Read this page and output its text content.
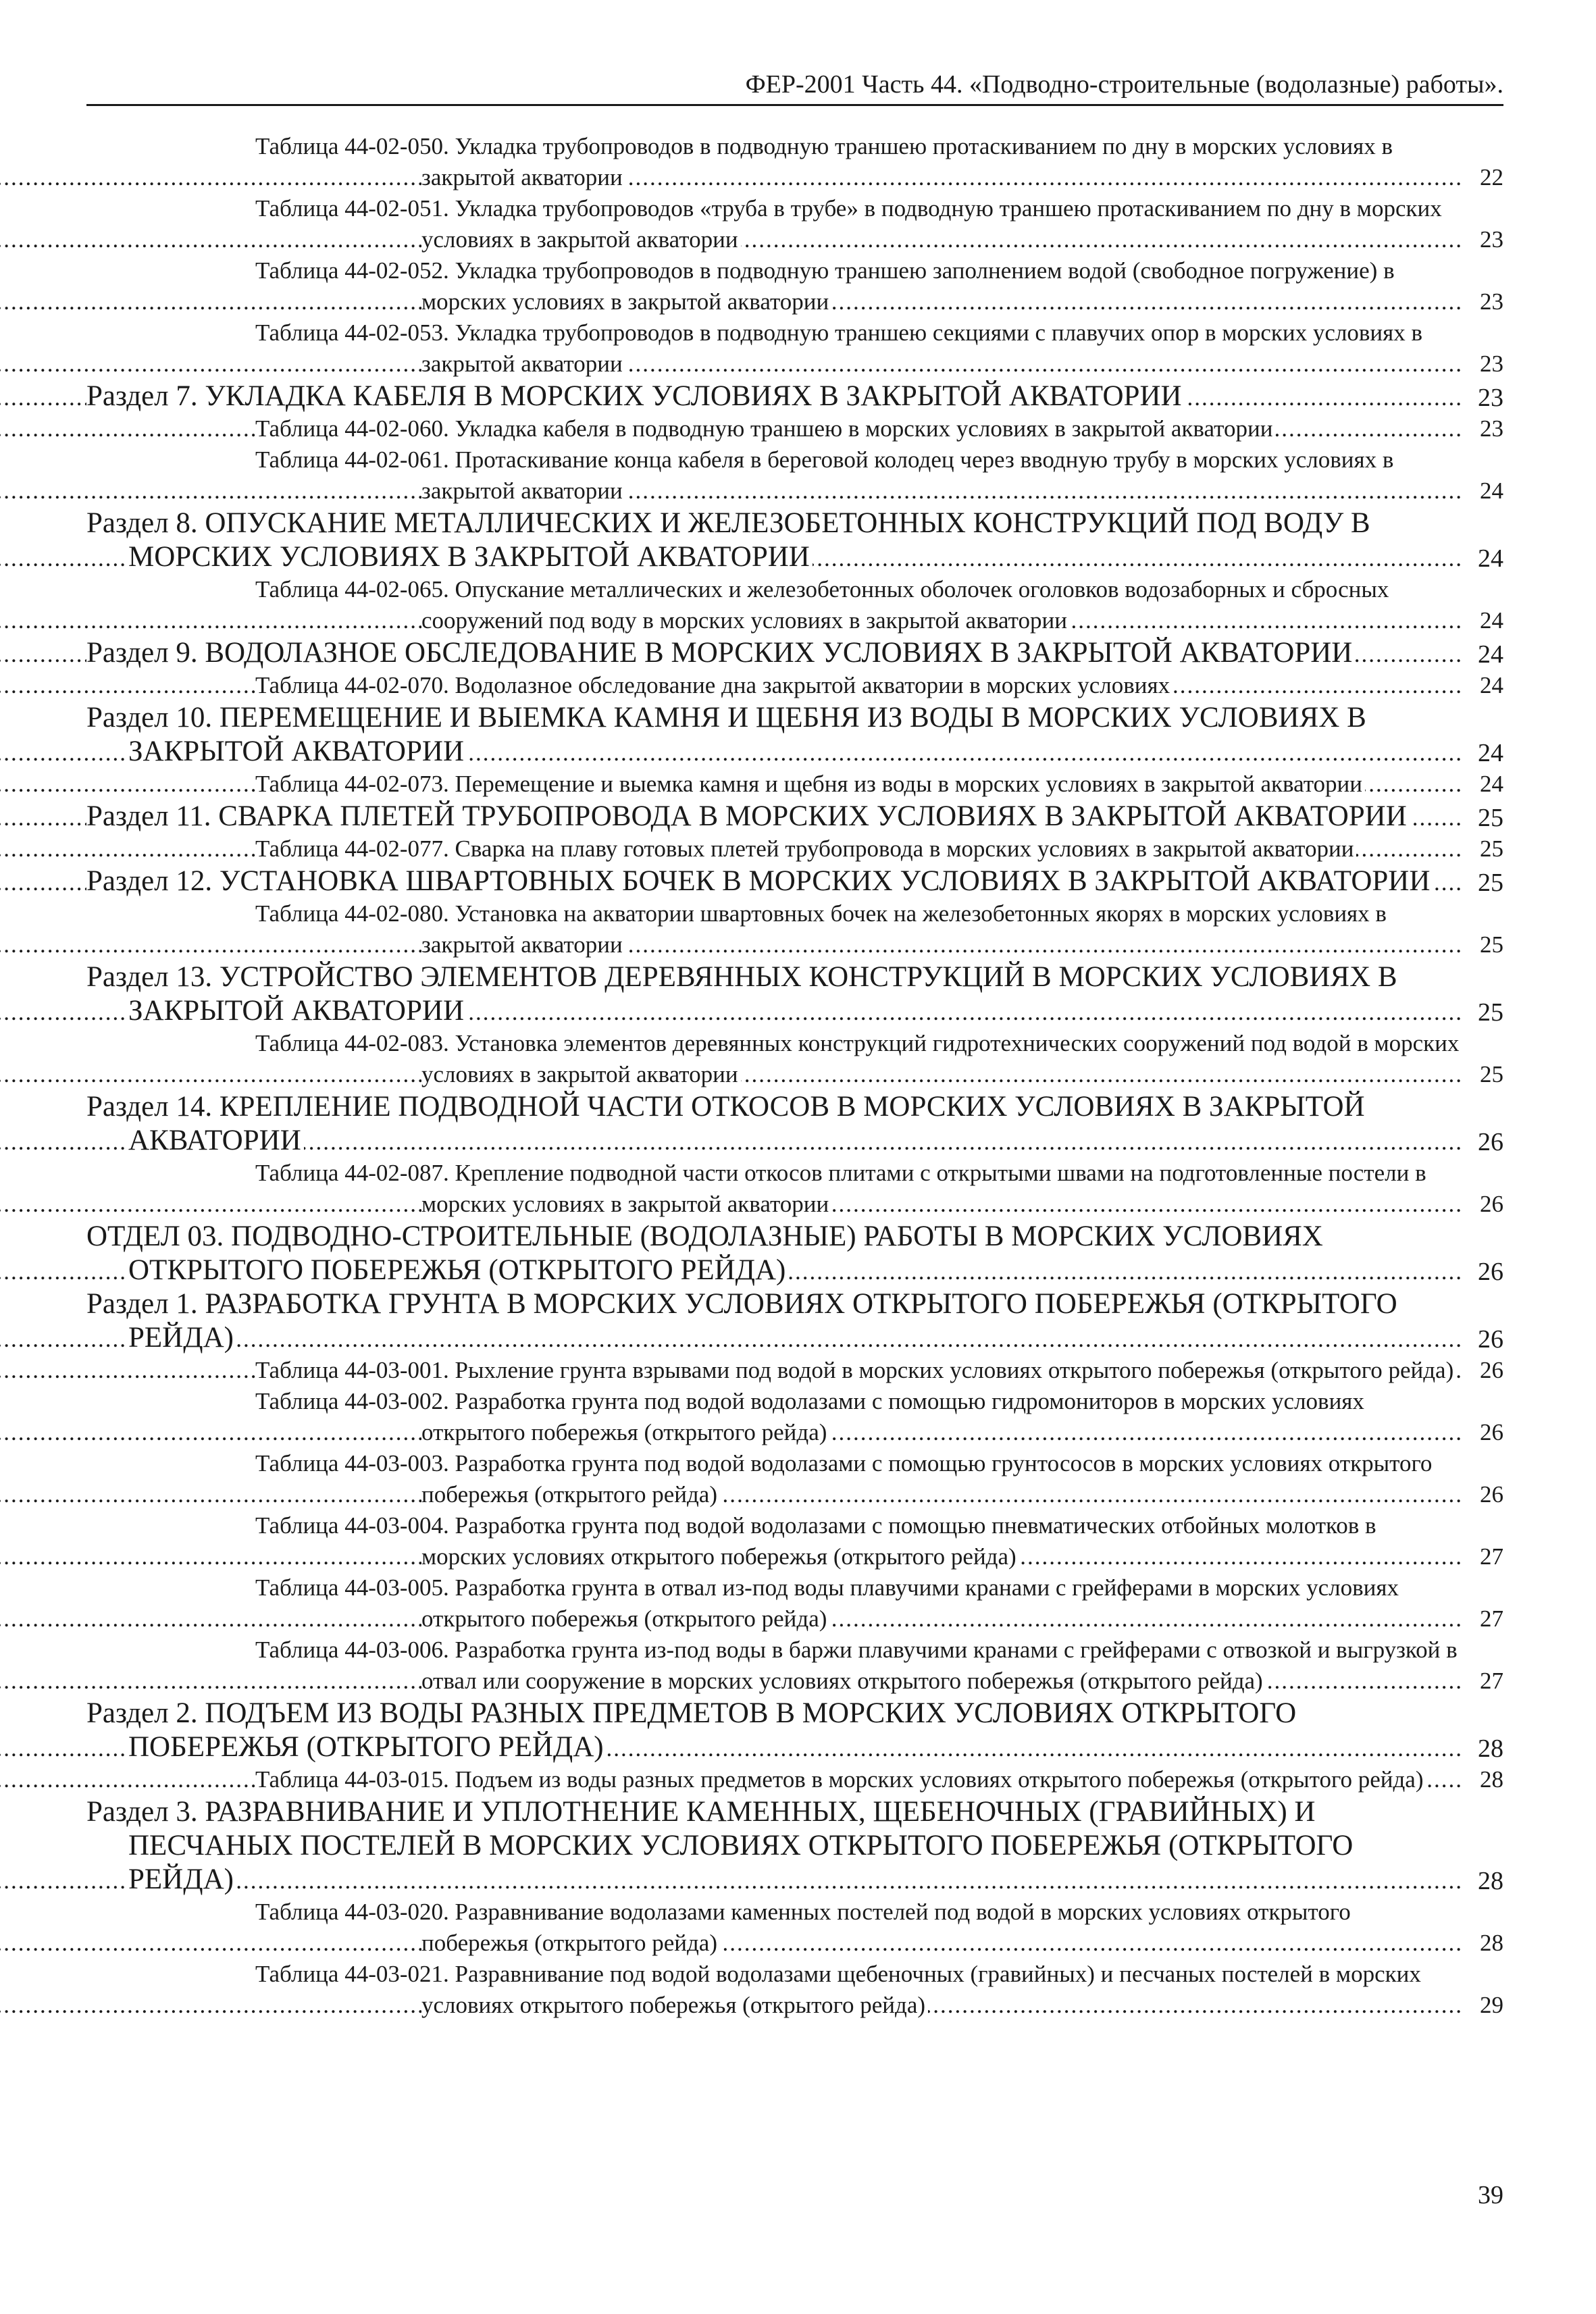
ФЕР-2001 Часть 44. «Подводно-строительные (водолазные) работы».
Таблица 44-02-050. Укладка трубопроводов в подводную траншею протаскиванием по дну в морских условиях в закрытой акватории .....	22
Таблица 44-02-051. Укладка трубопроводов «труба в трубе» в подводную траншею протаскиванием по дну в морских условиях в закрытой акватории .....	23
Таблица 44-02-052. Укладка трубопроводов в подводную траншею заполнением водой (свободное погружение) в морских условиях в закрытой акватории .....	23
Таблица 44-02-053. Укладка трубопроводов в подводную траншею секциями с плавучих опор в морских условиях в закрытой акватории .....	23
Раздел 7. УКЛАДКА КАБЕЛЯ В МОРСКИХ УСЛОВИЯХ В ЗАКРЫТОЙ АКВАТОРИИ .....	23
Таблица 44-02-060. Укладка кабеля в подводную траншею в морских условиях в закрытой акватории .....	23
Таблица 44-02-061. Протаскивание конца кабеля в береговой колодец через вводную трубу в морских условиях в закрытой акватории .....	24
Раздел 8. ОПУСКАНИЕ МЕТАЛЛИЧЕСКИХ И ЖЕЛЕЗОБЕТОННЫХ КОНСТРУКЦИЙ ПОД ВОДУ В МОРСКИХ УСЛОВИЯХ В ЗАКРЫТОЙ АКВАТОРИИ .....	24
Таблица 44-02-065. Опускание металлических и железобетонных оболочек оголовков водозаборных и сбросных сооружений под воду в морских условиях в закрытой акватории .....	24
Раздел 9. ВОДОЛАЗНОЕ ОБСЛЕДОВАНИЕ В МОРСКИХ УСЛОВИЯХ В ЗАКРЫТОЙ АКВАТОРИИ .....	24
Таблица 44-02-070. Водолазное обследование дна закрытой акватории в морских условиях .....	24
Раздел 10. ПЕРЕМЕЩЕНИЕ И ВЫЕМКА КАМНЯ И ЩЕБНЯ ИЗ ВОДЫ В МОРСКИХ УСЛОВИЯХ В ЗАКРЫТОЙ АКВАТОРИИ .....	24
Таблица 44-02-073. Перемещение и выемка камня и щебня из воды в морских условиях в закрытой акватории .....	24
Раздел 11. СВАРКА ПЛЕТЕЙ ТРУБОПРОВОДА В МОРСКИХ УСЛОВИЯХ В ЗАКРЫТОЙ АКВАТОРИИ .....	25
Таблица 44-02-077. Сварка на плаву готовых плетей трубопровода в морских условиях в закрытой акватории .....	25
Раздел 12. УСТАНОВКА ШВАРТОВНЫХ БОЧЕК В МОРСКИХ УСЛОВИЯХ В ЗАКРЫТОЙ АКВАТОРИИ .....	25
Таблица 44-02-080. Установка на акватории швартовных бочек на железобетонных якорях в морских условиях в закрытой акватории .....	25
Раздел 13. УСТРОЙСТВО ЭЛЕМЕНТОВ ДЕРЕВЯННЫХ КОНСТРУКЦИЙ В МОРСКИХ УСЛОВИЯХ В ЗАКРЫТОЙ АКВАТОРИИ .....	25
Таблица 44-02-083. Установка элементов деревянных конструкций гидротехнических сооружений под водой в морских условиях в закрытой акватории .....	25
Раздел 14. КРЕПЛЕНИЕ ПОДВОДНОЙ ЧАСТИ ОТКОСОВ В МОРСКИХ УСЛОВИЯХ В ЗАКРЫТОЙ АКВАТОРИИ .....	26
Таблица 44-02-087. Крепление подводной части откосов плитами с открытыми швами на подготовленные постели в морских условиях в закрытой акватории .....	26
ОТДЕЛ 03. ПОДВОДНО-СТРОИТЕЛЬНЫЕ (ВОДОЛАЗНЫЕ) РАБОТЫ В МОРСКИХ УСЛОВИЯХ ОТКРЫТОГО ПОБЕРЕЖЬЯ (ОТКРЫТОГО РЕЙДА) .....	26
Раздел 1. РАЗРАБОТКА ГРУНТА В МОРСКИХ УСЛОВИЯХ ОТКРЫТОГО ПОБЕРЕЖЬЯ (ОТКРЫТОГО РЕЙДА) .....	26
Таблица 44-03-001. Рыхление грунта взрывами под водой в морских условиях открытого побережья (открытого рейда) .....	26
Таблица 44-03-002. Разработка грунта под водой водолазами с помощью гидромониторов в морских условиях открытого побережья (открытого рейда) .....	26
Таблица 44-03-003. Разработка грунта под водой водолазами с помощью грунтососов в морских условиях открытого побережья (открытого рейда) .....	26
Таблица 44-03-004. Разработка грунта под водой водолазами с помощью пневматических отбойных молотков в морских условиях открытого побережья (открытого рейда) .....	27
Таблица 44-03-005. Разработка грунта в отвал из-под воды плавучими кранами с грейферами в морских условиях открытого побережья (открытого рейда) .....	27
Таблица 44-03-006. Разработка грунта из-под воды в баржи плавучими кранами с грейферами с отвозкой и выгрузкой в отвал или сооружение в морских условиях открытого побережья (открытого рейда) .....	27
Раздел 2. ПОДЪЕМ ИЗ ВОДЫ РАЗНЫХ ПРЕДМЕТОВ В МОРСКИХ УСЛОВИЯХ ОТКРЫТОГО ПОБЕРЕЖЬЯ (ОТКРЫТОГО РЕЙДА) .....	28
Таблица 44-03-015. Подъем из воды разных предметов в морских условиях открытого побережья (открытого рейда) .....	28
Раздел 3. РАЗРАВНИВАНИЕ И УПЛОТНЕНИЕ КАМЕННЫХ, ЩЕБЕНОЧНЫХ (ГРАВИЙНЫХ) И ПЕСЧАНЫХ ПОСТЕЛЕЙ В МОРСКИХ УСЛОВИЯХ ОТКРЫТОГО ПОБЕРЕЖЬЯ (ОТКРЫТОГО РЕЙДА) .....	28
Таблица 44-03-020. Разравнивание водолазами каменных постелей под водой в морских условиях открытого побережья (открытого рейда) .....	28
Таблица 44-03-021. Разравнивание под водой водолазами щебеночных (гравийных) и песчаных постелей в морских условиях открытого побережья (открытого рейда) .....	29
39
